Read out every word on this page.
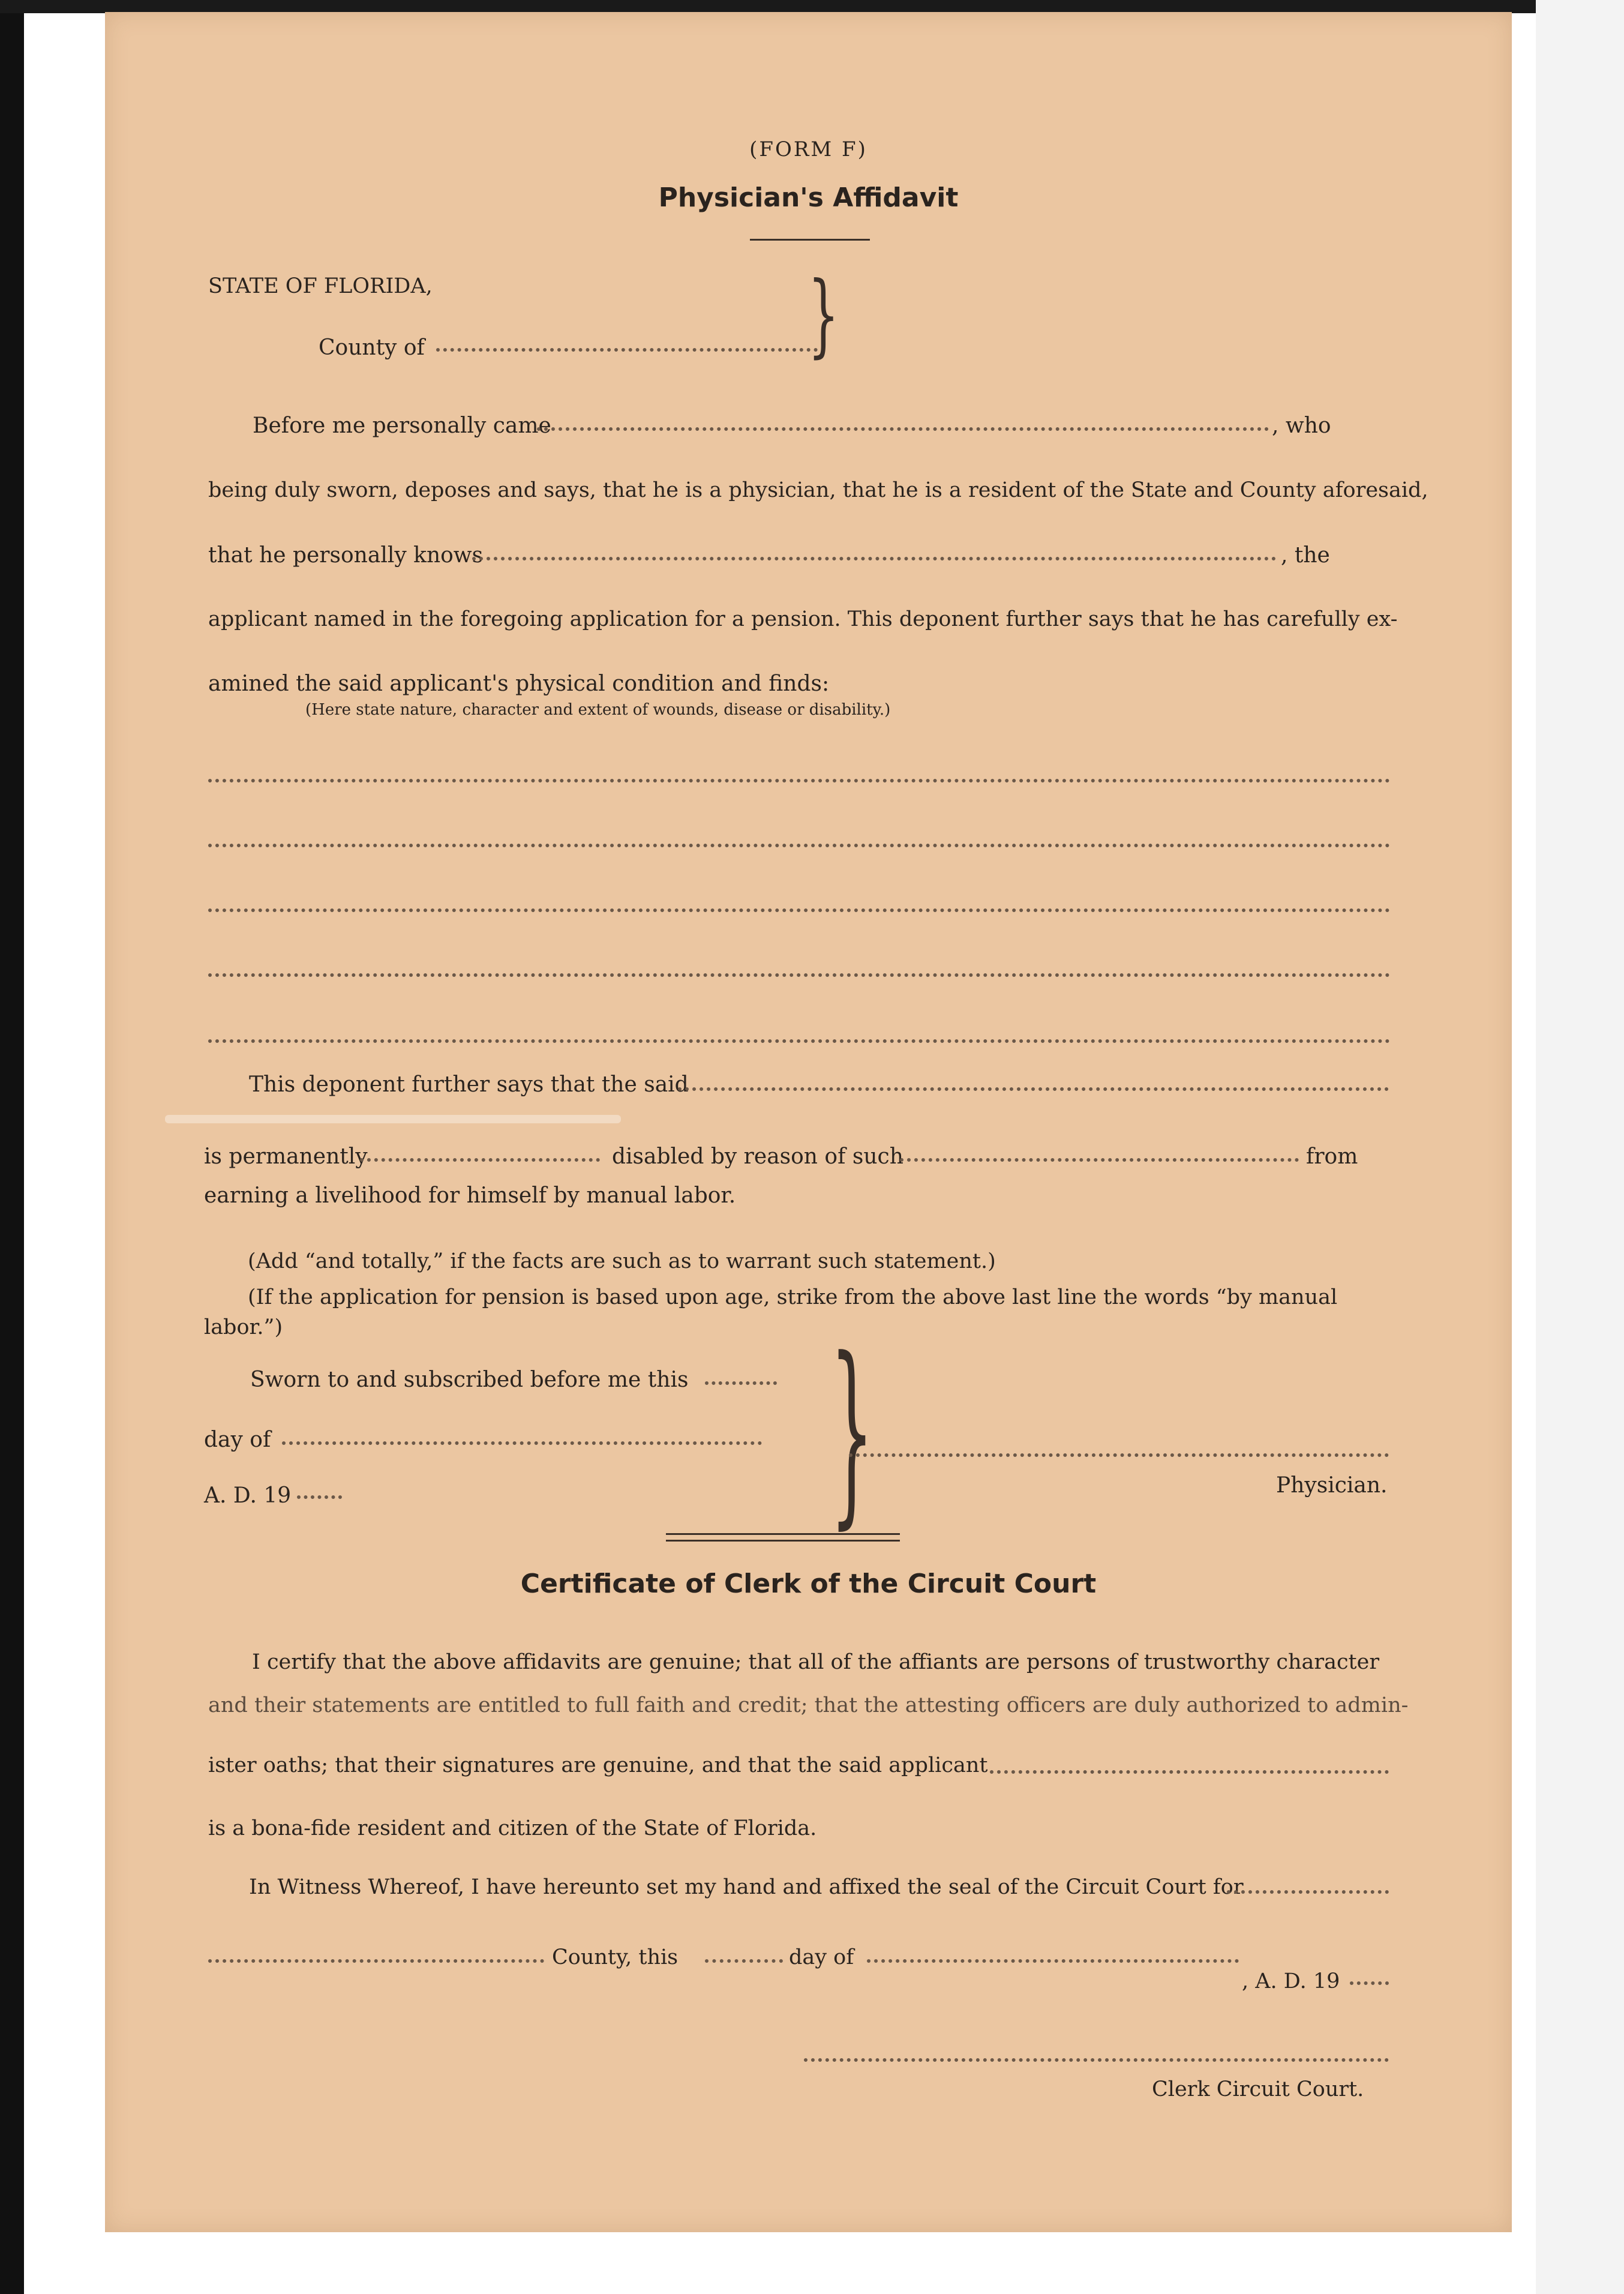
(FORM F)
Physician's Affidavit
STATE OF FLORIDA,
County of	}
Before me personally came	, who
being duly sworn, deposes and says, that he is a physician, that he is a resident of the State and County aforesaid,
that he personally knows	, the
applicant named in the foregoing application for a pension. This deponent further says that he has carefully ex-
amined the said applicant's physical condition and finds:
(Here state nature, character and extent of wounds, disease or disability.)
This deponent further says that the said
is permanently	disabled by reason of such	from
earning a livelihood for himself by manual labor.
(Add “and totally,” if the facts are such as to warrant such statement.)
(If the application for pension is based upon age, strike from the above last line the words “by manual
labor.”)
Sworn to and subscribed before me this
day of
A. D. 19	}	Physician.
Certificate of Clerk of the Circuit Court
I certify that the above affidavits are genuine; that all of the affiants are persons of trustworthy character
and their statements are entitled to full faith and credit; that the attesting officers are duly authorized to admin-
ister oaths; that their signatures are genuine, and that the said applicant
is a bona-fide resident and citizen of the State of Florida.
In Witness Whereof, I have hereunto set my hand and affixed the seal of the Circuit Court for
County, this	day of
, A. D. 19
Clerk Circuit Court.
